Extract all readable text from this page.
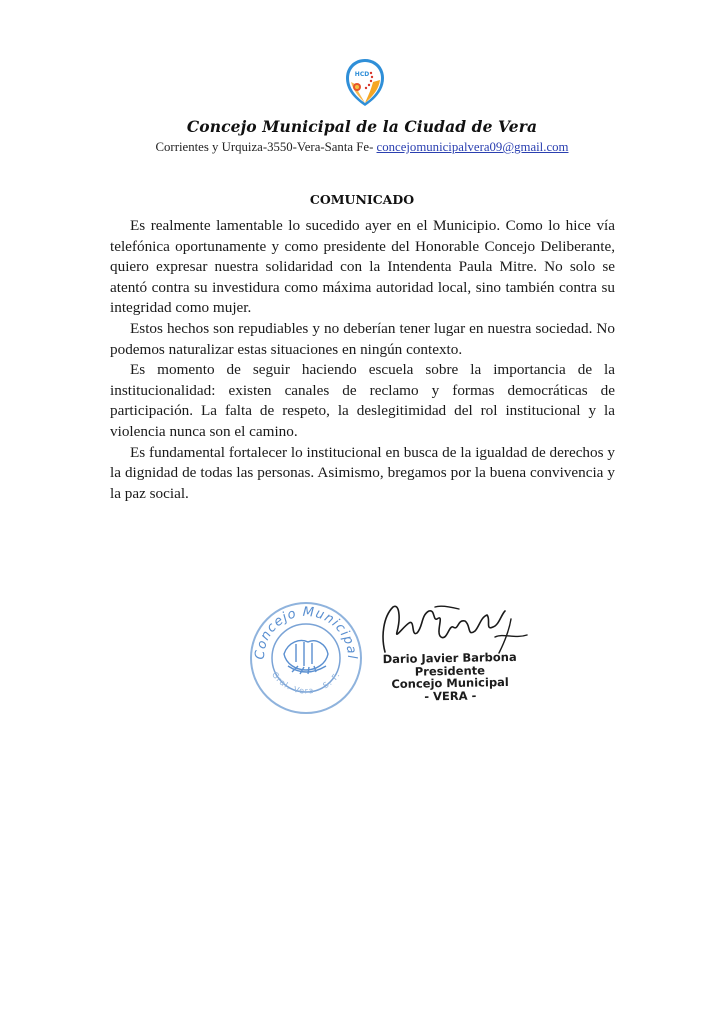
HCD
Concejo Municipal de la Ciudad de Vera
Corrientes y Urquiza-3550-Vera-Santa Fe- concejomunicipalvera09@gmail.com
COMUNICADO

Es realmente lamentable lo sucedido ayer en el Municipio. Como lo hice vía telefónica oportunamente y como presidente del Honorable Concejo Deliberante, quiero expresar nuestra solidaridad con la Intendenta Paula Mitre. No solo se atentó contra su investidura como máxima autoridad local, sino también contra su integridad como mujer.

Estos hechos son repudiables y no deberían tener lugar en nuestra sociedad. No podemos naturalizar estas situaciones en ningún contexto.

Es momento de seguir haciendo escuela sobre la importancia de la institucionalidad: existen canales de reclamo y formas democráticas de participación. La falta de respeto, la deslegitimidad del rol institucional y la violencia nunca son el camino.

Es fundamental fortalecer lo institucional en busca de la igualdad de derechos y la dignidad de todas las personas. Asimismo, bregamos por la buena convivencia y la paz social.

Concejo Municipal
Gral. Vera - S. F.
Dario Javier Barbona
Presidente
Concejo Municipal
- VERA -
